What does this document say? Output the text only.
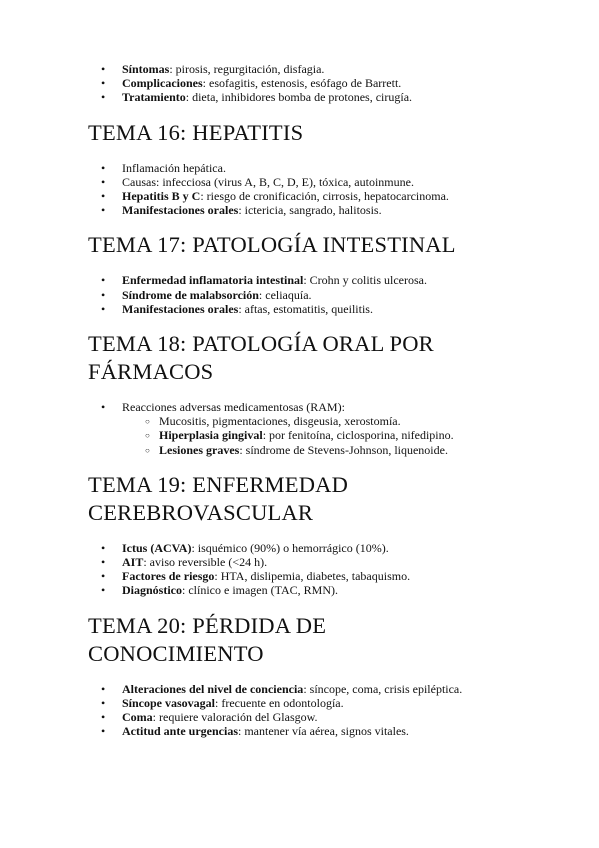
• Síntomas: pirosis, regurgitación, disfagia.
• Complicaciones: esofagitis, estenosis, esófago de Barrett.
• Tratamiento: dieta, inhibidores bomba de protones, cirugía.
TEMA 16: HEPATITIS
• Inflamación hepática.
• Causas: infecciosa (virus A, B, C, D, E), tóxica, autoinmune.
• Hepatitis B y C: riesgo de cronificación, cirrosis, hepatocarcinoma.
• Manifestaciones orales: ictericia, sangrado, halitosis.
TEMA 17: PATOLOGÍA INTESTINAL
• Enfermedad inflamatoria intestinal: Crohn y colitis ulcerosa.
• Síndrome de malabsorción: celiaquía.
• Manifestaciones orales: aftas, estomatitis, queilitis.
TEMA 18: PATOLOGÍA ORAL POR
FÁRMACOS
• Reacciones adversas medicamentosas (RAM):
○ Mucositis, pigmentaciones, disgeusia, xerostomía.
○ Hiperplasia gingival: por fenitoína, ciclosporina, nifedipino.
○ Lesiones graves: síndrome de Stevens-Johnson, liquenoide.
TEMA 19: ENFERMEDAD
CEREBROVASCULAR
• Ictus (ACVA): isquémico (90%) o hemorrágico (10%).
• AIT: aviso reversible (<24 h).
• Factores de riesgo: HTA, dislipemia, diabetes, tabaquismo.
• Diagnóstico: clínico e imagen (TAC, RMN).
TEMA 20: PÉRDIDA DE
CONOCIMIENTO
• Alteraciones del nivel de conciencia: síncope, coma, crisis epiléptica.
• Síncope vasovagal: frecuente en odontología.
• Coma: requiere valoración del Glasgow.
• Actitud ante urgencias: mantener vía aérea, signos vitales.
